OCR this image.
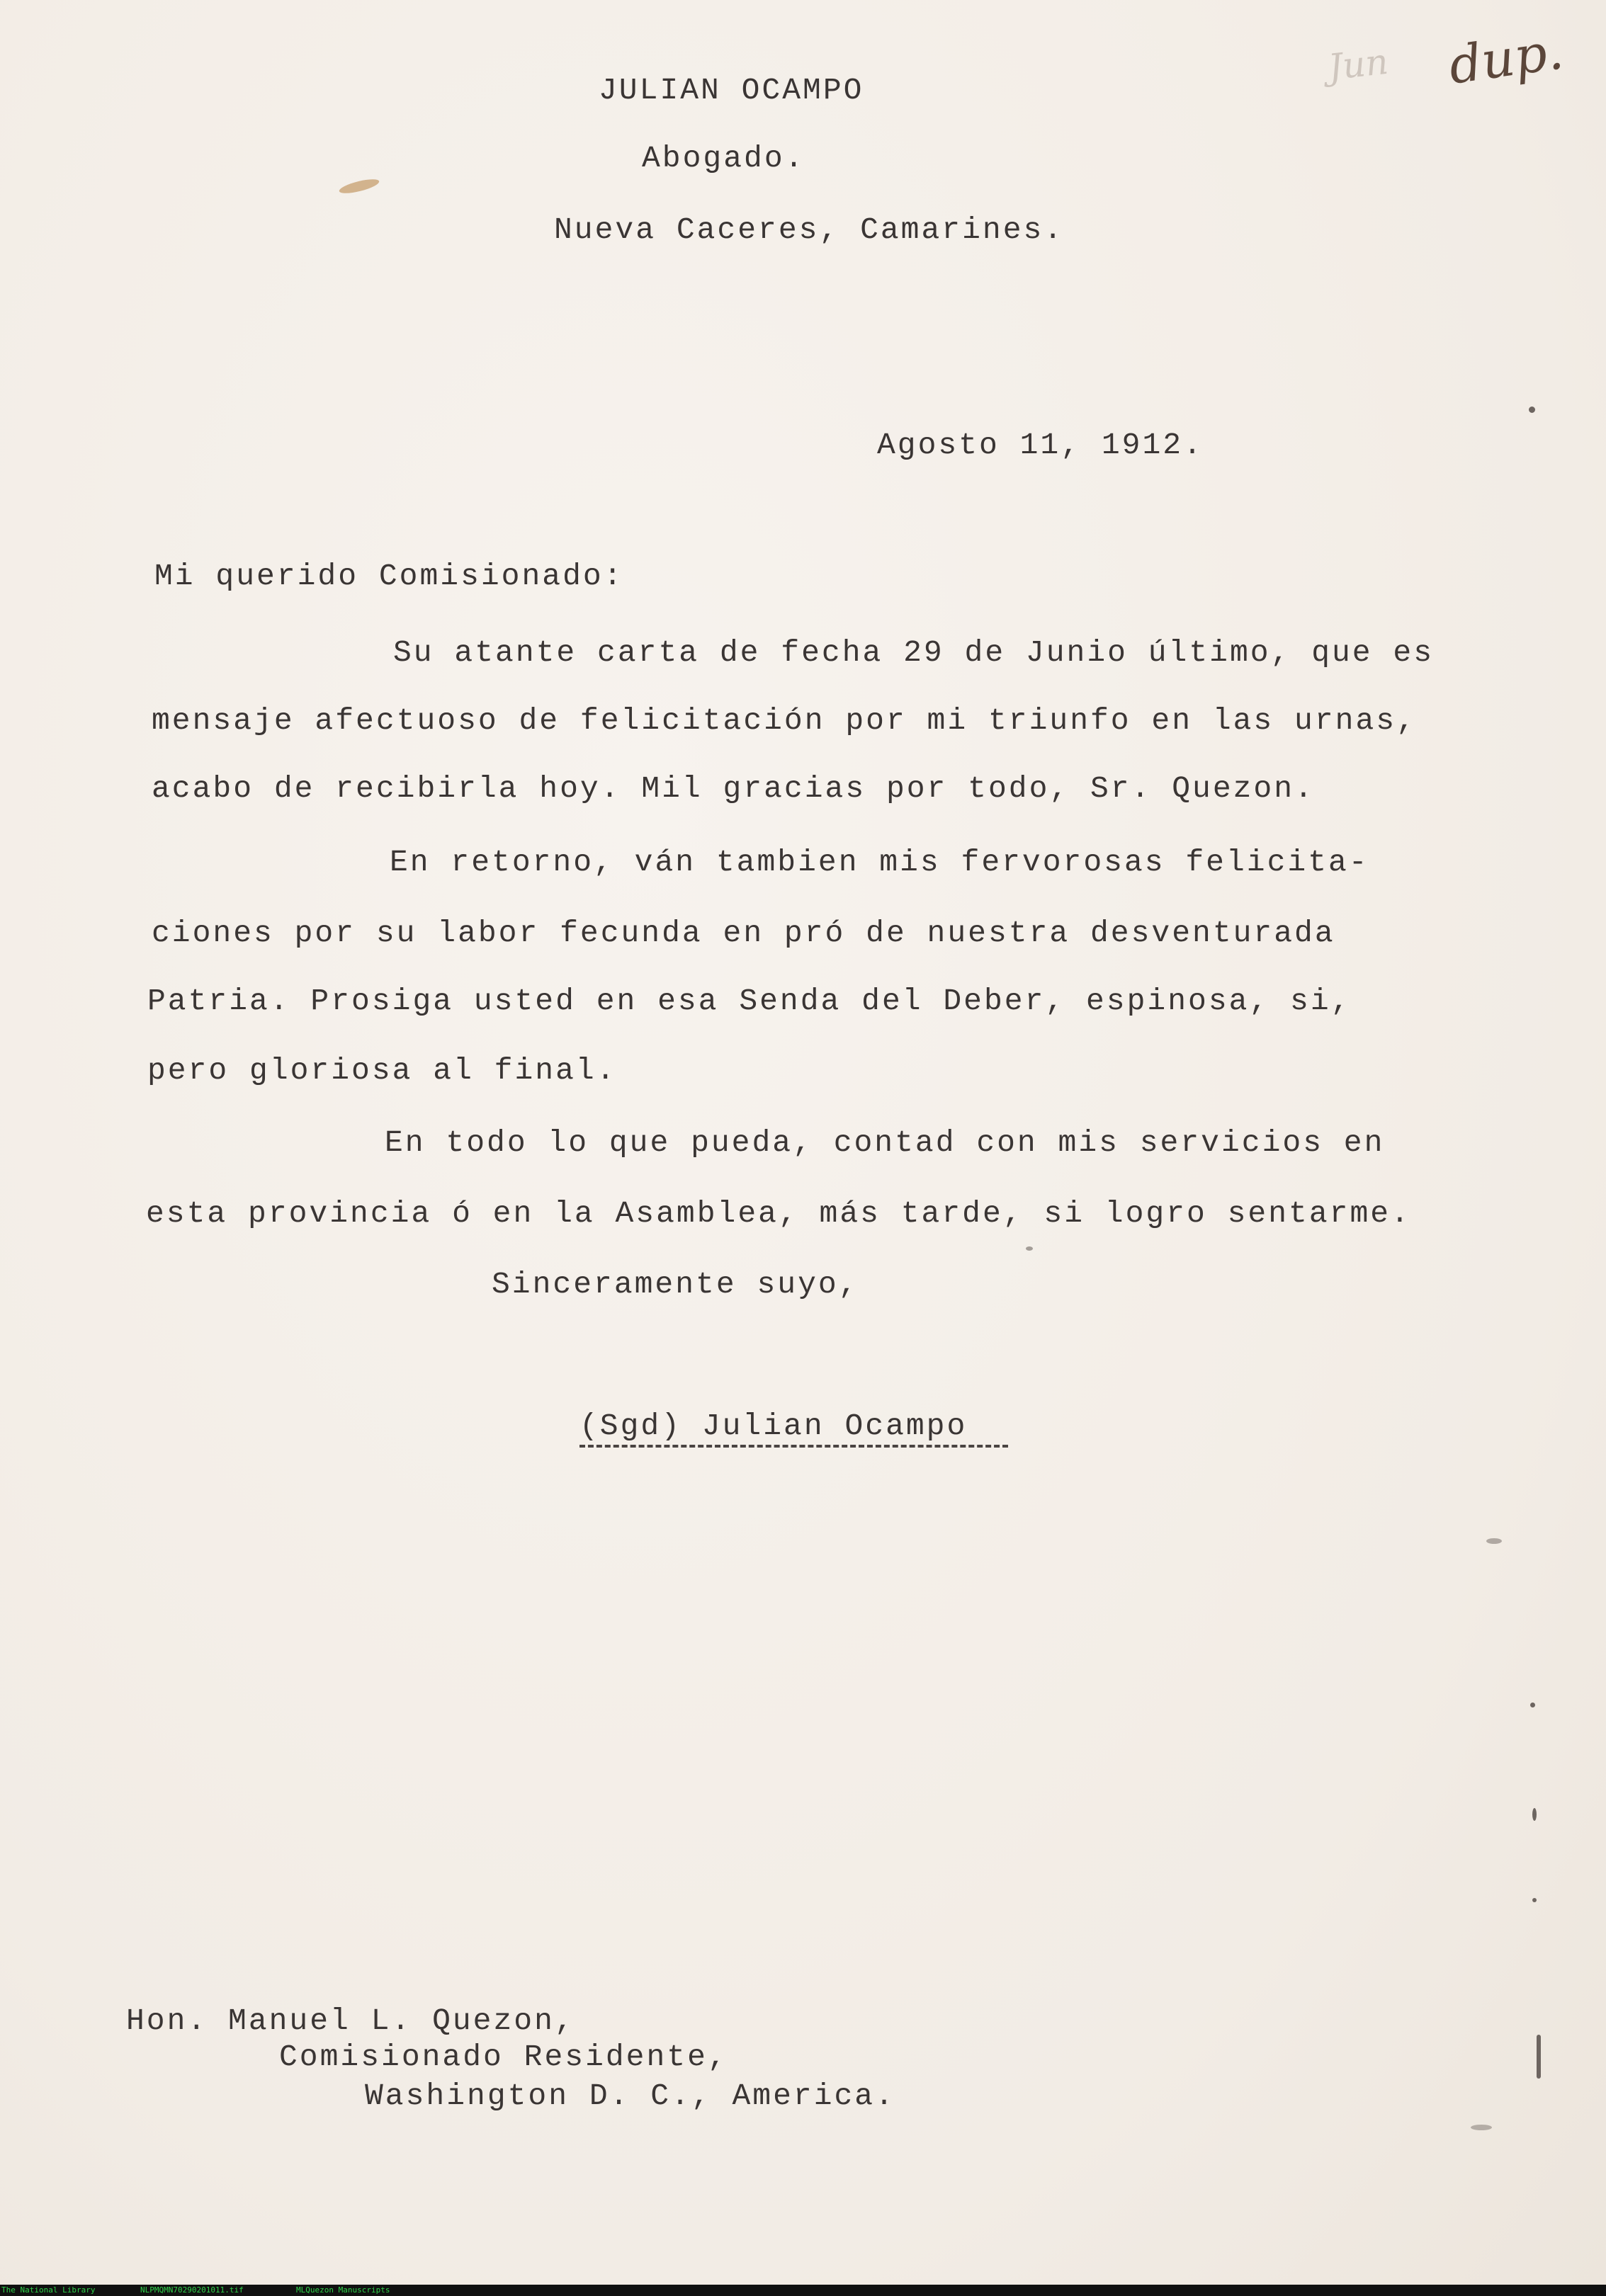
Jun dup.
JULIAN OCAMPO
Abogado.
Nueva Caceres, Camarines.
Agosto 11, 1912.
Mi querido Comisionado:
Su atante carta de fecha 29 de Junio último, que es
mensaje afectuoso de felicitación por mi triunfo en las urnas,
acabo de recibirla hoy. Mil gracias por todo, Sr. Quezon.
En retorno, ván tambien mis fervorosas felicita-
ciones por su labor fecunda en pró de nuestra desventurada
Patria. Prosiga usted en esa Senda del Deber, espinosa, si,
pero gloriosa al final.
En todo lo que pueda, contad con mis servicios en
esta provincia ó en la Asamblea, más tarde, si logro sentarme.
Sinceramente suyo,
(Sgd) Julian Ocampo
Hon. Manuel L. Quezon,
Comisionado Residente,
Washington D. C., America.
The National Library	NLPMQMN70290201011.tif	MLQuezon Manuscripts
